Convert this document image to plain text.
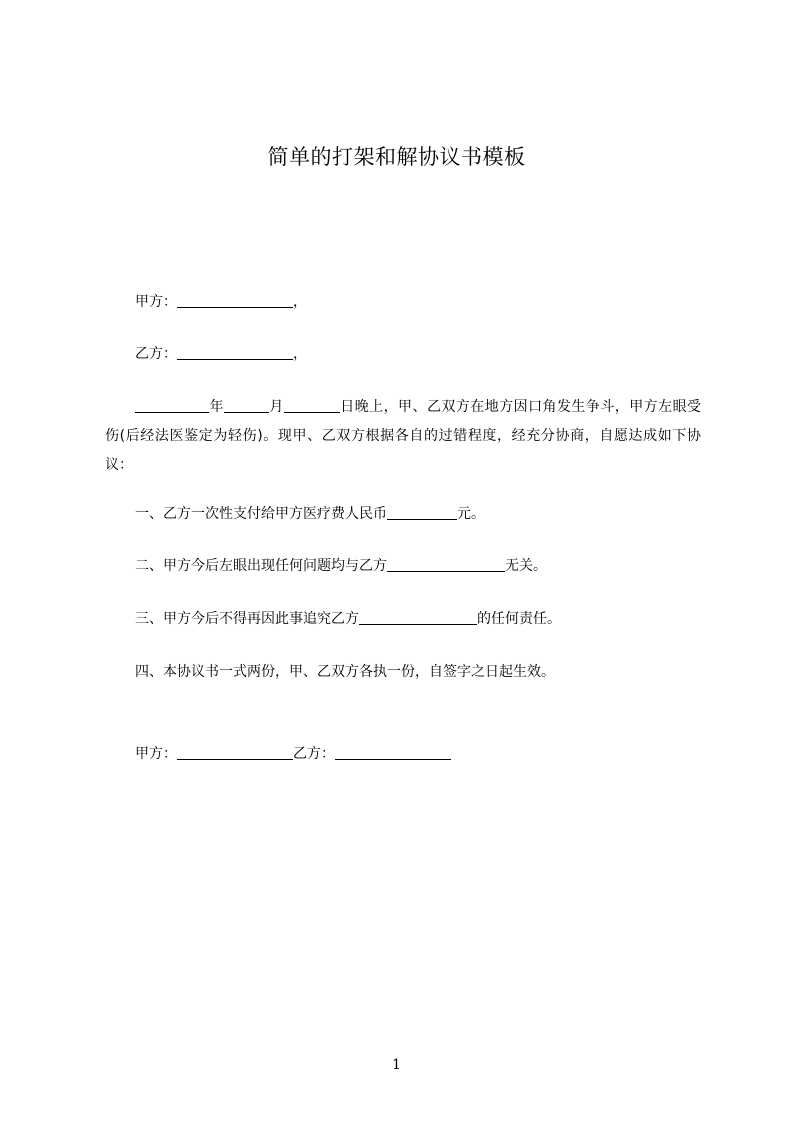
简单的打架和解协议书模板
甲方：	，
乙方：	，
年	月	日晚上，甲、乙双方在地方因口角发生争斗，甲方左眼受伤(后经法医鉴定为轻伤)。现甲、乙双方根据各自的过错程度，经充分协商，自愿达成如下协议：
一、乙方一次性支付给甲方医疗费人民币	元。
二、甲方今后左眼出现任何问题均与乙方	无关。
三、甲方今后不得再因此事追究乙方	的任何责任。
四、本协议书一式两份，甲、乙双方各执一份，自签字之日起生效。
甲方：	乙方：
1
